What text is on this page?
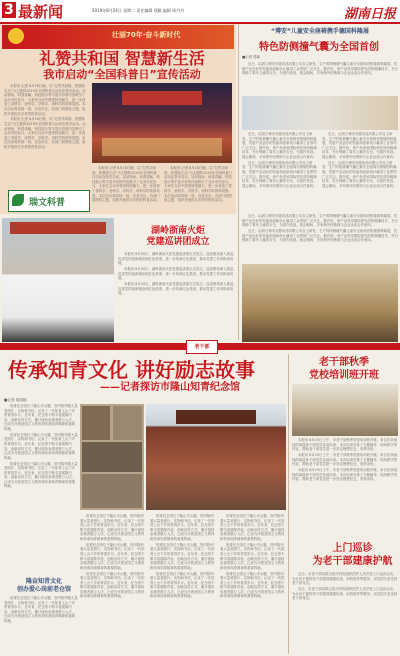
3 最新闻	2019年8月24日 星期二 责任编辑 郑颖 编辑 周丹丹	湖南日报
壮丽70年·奋斗新时代
礼赞共和国 智慧新生活
我市启动“全国科普日”宣传活动

本报讯 记者 8月16日晚，以“礼赞共和国、智慧新生活”为主题的2019年全国科普日活动在我市启动。活动现场，科普讲解、科技展示等丰富多彩的内容吸引了众多市民参与，大家在互动中感受科技魅力，进一步营造了讲科学、爱科学、学科学、用科学的浓厚氛围。本次活动将持续一周，各县市区、各部门将围绕主题，组织开展形式多样的科普活动。

本报讯 记者 8月16日晚，以“礼赞共和国、智慧新生活”为主题的2019年全国科普日活动在我市启动。活动现场，科普讲解、科技展示等丰富多彩的内容吸引了众多市民参与，大家在互动中感受科技魅力，进一步营造了讲科学、爱科学、学科学、用科学的浓厚氛围。本次活动将持续一周，各县市区、各部门将围绕主题，组织开展形式多样的科普活动。

本报讯 记者 8月16日晚，以“礼赞共和国、智慧新生活”为主题的2019年全国科普日活动在我市启动。活动现场，科普讲解、科技展示等丰富多彩的内容吸引了众多市民参与，大家在互动中感受科技魅力，进一步营造了讲科学、爱科学、学科学、用科学的浓厚氛围。本次活动将持续一周，各县市区、各部门将围绕主题，组织开展形式多样的科普活动。

本报讯 记者 8月16日晚，以“礼赞共和国、智慧新生活”为主题的2019年全国科普日活动在我市启动。活动现场，科普讲解、科技展示等丰富多彩的内容吸引了众多市民参与，大家在互动中感受科技魅力，进一步营造了讲科学、爱科学、学科学、用科学的浓厚氛围。本次活动将持续一周，各县市区、各部门将围绕主题，组织开展形式多样的科普活动。

瑞文科普
“博安”儿童安全座椅携手德国科隆展
特色防侧撞气囊为全国首创
■记者 郑颖

近日，由浙江博安母婴用品有限公司自主研发、生产的防侧撞气囊儿童安全座椅亮相德国科隆展，凭借产品良好的性能和创新设计赢得了业界的广泛关注。据介绍，该产品采用国际领先的防侧撞技术，充分保障了乘车儿童的安全，为国内首创。展会期间，多家海外经销商与企业达成合作意向。

近日，由浙江博安母婴用品有限公司自主研发、生产的防侧撞气囊儿童安全座椅亮相德国科隆展，凭借产品良好的性能和创新设计赢得了业界的广泛关注。据介绍，该产品采用国际领先的防侧撞技术，充分保障了乘车儿童的安全，为国内首创。展会期间，多家海外经销商与企业达成合作意向。

近日，由浙江博安母婴用品有限公司自主研发、生产的防侧撞气囊儿童安全座椅亮相德国科隆展，凭借产品良好的性能和创新设计赢得了业界的广泛关注。据介绍，该产品采用国际领先的防侧撞技术，充分保障了乘车儿童的安全，为国内首创。展会期间，多家海外经销商与企业达成合作意向。

近日，由浙江博安母婴用品有限公司自主研发、生产的防侧撞气囊儿童安全座椅亮相德国科隆展，凭借产品良好的性能和创新设计赢得了业界的广泛关注。据介绍，该产品采用国际领先的防侧撞技术，充分保障了乘车儿童的安全，为国内首创。展会期间，多家海外经销商与企业达成合作意向。

近日，由浙江博安母婴用品有限公司自主研发、生产的防侧撞气囊儿童安全座椅亮相德国科隆展，凭借产品良好的性能和创新设计赢得了业界的广泛关注。据介绍，该产品采用国际领先的防侧撞技术，充分保障了乘车儿童的安全，为国内首创。展会期间，多家海外经销商与企业达成合作意向。

近日，由浙江博安母婴用品有限公司自主研发、生产的防侧撞气囊儿童安全座椅亮相德国科隆展，凭借产品良好的性能和创新设计赢得了业界的广泛关注。据介绍，该产品采用国际领先的防侧撞技术，充分保障了乘车儿童的安全，为国内首创。展会期间，多家海外经销商与企业达成合作意向。

近日，由浙江博安母婴用品有限公司自主研发、生产的防侧撞气囊儿童安全座椅亮相德国科隆展，凭借产品良好的性能和创新设计赢得了业界的广泛关注。据介绍，该产品采用国际领先的防侧撞技术，充分保障了乘车儿童的安全，为国内首创。展会期间，多家海外经销商与企业达成合作意向。

湖岭浙南火炬
党建巡讲团成立

本报讯 8月20日，湖岭浙南火炬党建巡讲团正式成立。巡讲团将深入基层，宣讲党的创新理论和红色故事，进一步传承红色基因，推动党建工作向纵深发展。

本报讯 8月20日，湖岭浙南火炬党建巡讲团正式成立。巡讲团将深入基层，宣讲党的创新理论和红色故事，进一步传承红色基因，推动党建工作向纵深发展。

本报讯 8月20日，湖岭浙南火炬党建巡讲团正式成立。巡讲团将深入基层，宣讲党的创新理论和红色故事，进一步传承红色基因，推动党建工作向纵深发展。

老干部
传承知青文化 讲好励志故事
——记者探访市隆山知青纪念馆
■记者 胡丽娜

知青纪念馆位于隆山半山腰，馆内陈列着大量老照片、实物和书信，记录了一代知青上山下乡的青春岁月。近年来，纪念馆不断丰富展陈内容，创新宣传方式，累计接待参观者数万人次，已成为开展爱国主义教育和传承知青精神的重要阵地。

知青纪念馆位于隆山半山腰，馆内陈列着大量老照片、实物和书信，记录了一代知青上山下乡的青春岁月。近年来，纪念馆不断丰富展陈内容，创新宣传方式，累计接待参观者数万人次，已成为开展爱国主义教育和传承知青精神的重要阵地。

知青纪念馆位于隆山半山腰，馆内陈列着大量老照片、实物和书信，记录了一代知青上山下乡的青春岁月。近年来，纪念馆不断丰富展陈内容，创新宣传方式，累计接待参观者数万人次，已成为开展爱国主义教育和传承知青精神的重要阵地。

知青纪念馆位于隆山半山腰，馆内陈列着大量老照片、实物和书信，记录了一代知青上山下乡的青春岁月。近年来，纪念馆不断丰富展陈内容，创新宣传方式，累计接待参观者数万人次，已成为开展爱国主义教育和传承知青精神的重要阵地。

知青纪念馆位于隆山半山腰，馆内陈列着大量老照片、实物和书信，记录了一代知青上山下乡的青春岁月。近年来，纪念馆不断丰富展陈内容，创新宣传方式，累计接待参观者数万人次，已成为开展爱国主义教育和传承知青精神的重要阵地。

知青纪念馆位于隆山半山腰，馆内陈列着大量老照片、实物和书信，记录了一代知青上山下乡的青春岁月。近年来，纪念馆不断丰富展陈内容，创新宣传方式，累计接待参观者数万人次，已成为开展爱国主义教育和传承知青精神的重要阵地。

知青纪念馆位于隆山半山腰，馆内陈列着大量老照片、实物和书信，记录了一代知青上山下乡的青春岁月。近年来，纪念馆不断丰富展陈内容，创新宣传方式，累计接待参观者数万人次，已成为开展爱国主义教育和传承知青精神的重要阵地。

知青纪念馆位于隆山半山腰，馆内陈列着大量老照片、实物和书信，记录了一代知青上山下乡的青春岁月。近年来，纪念馆不断丰富展陈内容，创新宣传方式，累计接待参观者数万人次，已成为开展爱国主义教育和传承知青精神的重要阵地。

知青纪念馆位于隆山半山腰，馆内陈列着大量老照片、实物和书信，记录了一代知青上山下乡的青春岁月。近年来，纪念馆不断丰富展陈内容，创新宣传方式，累计接待参观者数万人次，已成为开展爱国主义教育和传承知青精神的重要阵地。

知青纪念馆位于隆山半山腰，馆内陈列着大量老照片、实物和书信，记录了一代知青上山下乡的青春岁月。近年来，纪念馆不断丰富展陈内容，创新宣传方式，累计接待参观者数万人次，已成为开展爱国主义教育和传承知青精神的重要阵地。

知青纪念馆位于隆山半山腰，馆内陈列着大量老照片、实物和书信，记录了一代知青上山下乡的青春岁月。近年来，纪念馆不断丰富展陈内容，创新宣传方式，累计接待参观者数万人次，已成为开展爱国主义教育和传承知青精神的重要阵地。

知青纪念馆位于隆山半山腰，馆内陈列着大量老照片、实物和书信，记录了一代知青上山下乡的青春岁月。近年来，纪念馆不断丰富展陈内容，创新宣传方式，累计接待参观者数万人次，已成为开展爱国主义教育和传承知青精神的重要阵地。

隆亩知青文化
创办爱心岗前老仓馆

知青纪念馆位于隆山半山腰，馆内陈列着大量老照片、实物和书信，记录了一代知青上山下乡的青春岁月。近年来，纪念馆不断丰富展陈内容，创新宣传方式，累计接待参观者数万人次，已成为开展爱国主义教育和传承知青精神的重要阵地。

老干部秋季
党校培训班开班

本报讯 8月19日上午，市老干部秋季党校培训班开班。来自各条战线的离退休干部党员参加培训。本次培训安排了专题辅导、现场教学等内容，帮助老干部党员进一步坚定理想信念，发挥余热。

本报讯 8月19日上午，市老干部秋季党校培训班开班。来自各条战线的离退休干部党员参加培训。本次培训安排了专题辅导、现场教学等内容，帮助老干部党员进一步坚定理想信念，发挥余热。

本报讯 8月19日上午，市老干部秋季党校培训班开班。来自各条战线的离退休干部党员参加培训。本次培训安排了专题辅导、现场教学等内容，帮助老干部党员进一步坚定理想信念，发挥余热。

上门巡诊
为老干部建康护航

近日，市老干部局联合医疗机构组织医护人员开展上门巡诊活动，为行动不便的老干部提供健康检查、用药指导等服务，切实把关爱送到老干部身边。

近日，市老干部局联合医疗机构组织医护人员开展上门巡诊活动，为行动不便的老干部提供健康检查、用药指导等服务，切实把关爱送到老干部身边。
